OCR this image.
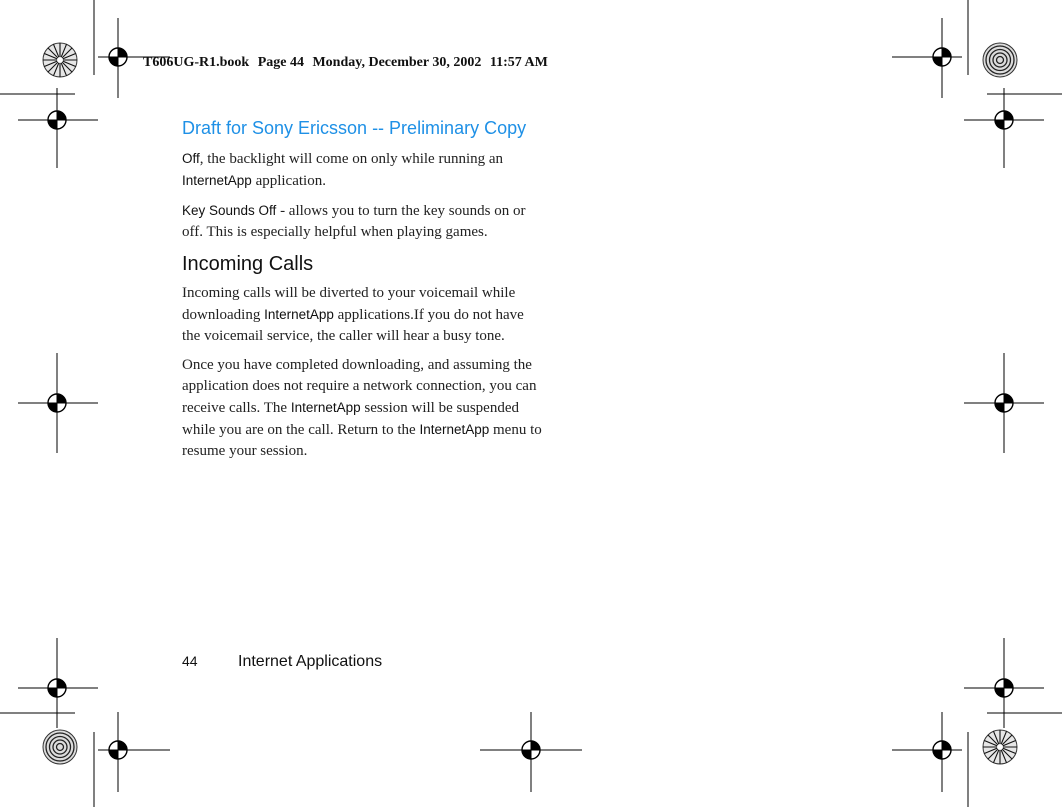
T606UG-R1.book Page 44 Monday, December 30, 2002 11:57 AM
Draft for Sony Ericsson -- Preliminary Copy

Off, the backlight will come on only while running an
InternetApp application.

Key Sounds Off - allows you to turn the key sounds on or off. This is especially helpful when playing games.

Incoming Calls

Incoming calls will be diverted to your voicemail while downloading InternetApp applications.If you do not have the voicemail service, the caller will hear a busy tone.

Once you have completed downloading, and assuming the application does not require a network connection, you can receive calls. The InternetApp session will be suspended while you are on the call. Return to the InternetApp menu to resume your session.

44	Internet Applications
